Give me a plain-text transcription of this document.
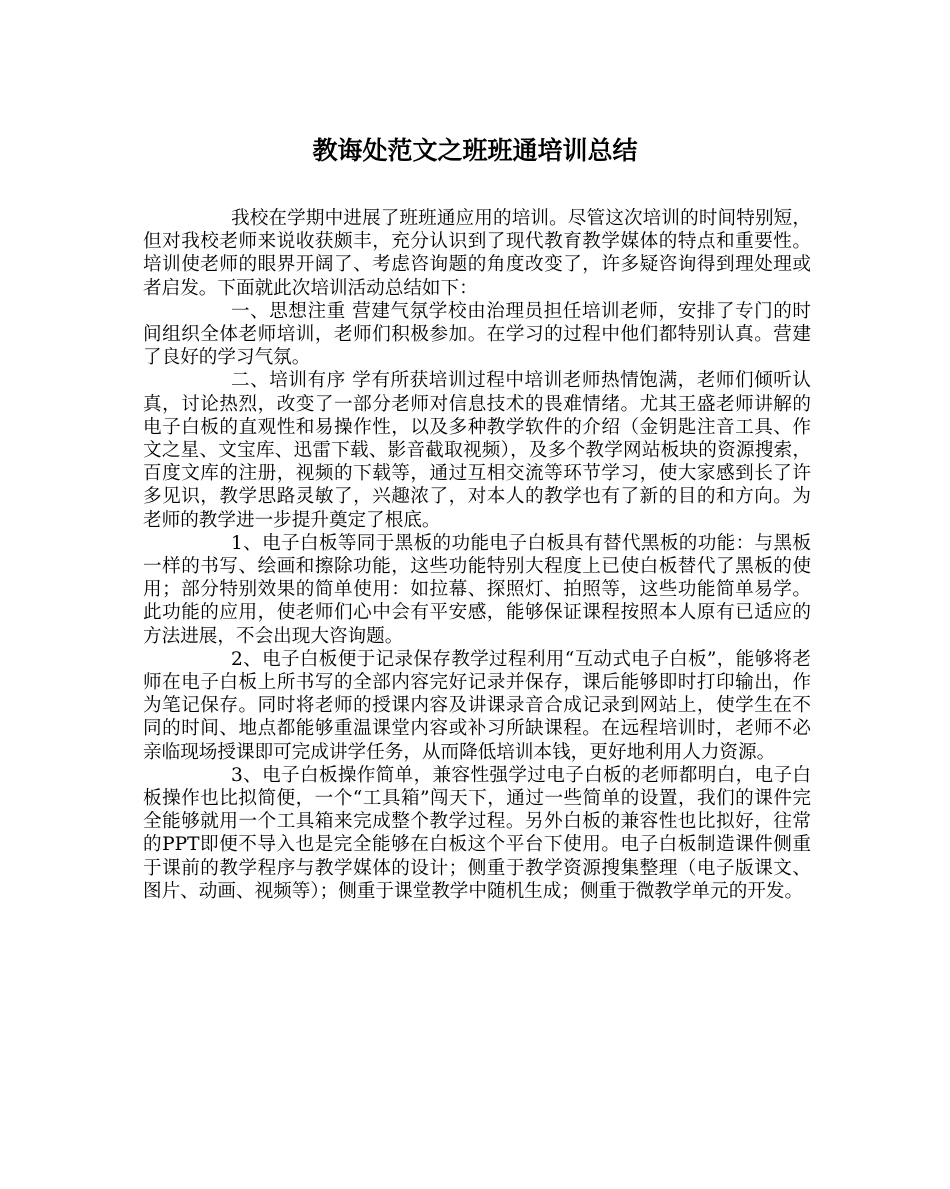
教诲处范文之班班通培训总结

我校在学期中进展了班班通应用的培训。尽管这次培训的时间特别短，但对我校老师来说收获颇丰，充分认识到了现代教育教学媒体的特点和重要性。培训使老师的眼界开阔了、考虑咨询题的角度改变了，许多疑咨询得到理处理或者启发。下面就此次培训活动总结如下：

一、思想注重 营建气氛学校由治理员担任培训老师，安排了专门的时间组织全体老师培训，老师们积极参加。在学习的过程中他们都特别认真。营建了良好的学习气氛。

二、培训有序 学有所获培训过程中培训老师热情饱满，老师们倾听认真，讨论热烈，改变了一部分老师对信息技术的畏难情绪。尤其王盛老师讲解的电子白板的直观性和易操作性，以及多种教学软件的介绍（金钥匙注音工具、作文之星、文宝库、迅雷下载、影音截取视频），及多个教学网站板块的资源搜索，百度文库的注册，视频的下载等，通过互相交流等环节学习，使大家感到长了许多见识，教学思路灵敏了，兴趣浓了，对本人的教学也有了新的目的和方向。为老师的教学进一步提升奠定了根底。

1、电子白板等同于黑板的功能电子白板具有替代黑板的功能：与黑板一样的书写、绘画和擦除功能，这些功能特别大程度上已使白板替代了黑板的使用；部分特别效果的简单使用：如拉幕、探照灯、拍照等，这些功能简单易学。此功能的应用，使老师们心中会有平安感，能够保证课程按照本人原有已适应的方法进展，不会出现大咨询题。

2、电子白板便于记录保存教学过程利用“互动式电子白板”，能够将老师在电子白板上所书写的全部内容完好记录并保存，课后能够即时打印输出，作为笔记保存。同时将老师的授课内容及讲课录音合成记录到网站上，使学生在不同的时间、地点都能够重温课堂内容或补习所缺课程。在远程培训时，老师不必亲临现场授课即可完成讲学任务，从而降低培训本钱，更好地利用人力资源。

3、电子白板操作简单，兼容性强学过电子白板的老师都明白，电子白板操作也比拟简便，一个“工具箱”闯天下，通过一些简单的设置，我们的课件完全能够就用一个工具箱来完成整个教学过程。另外白板的兼容性也比拟好，往常的PPT即便不导入也是完全能够在白板这个平台下使用。电子白板制造课件侧重于课前的教学程序与教学媒体的设计；侧重于教学资源搜集整理（电子版课文、图片、动画、视频等）；侧重于课堂教学中随机生成；侧重于微教学单元的开发。
